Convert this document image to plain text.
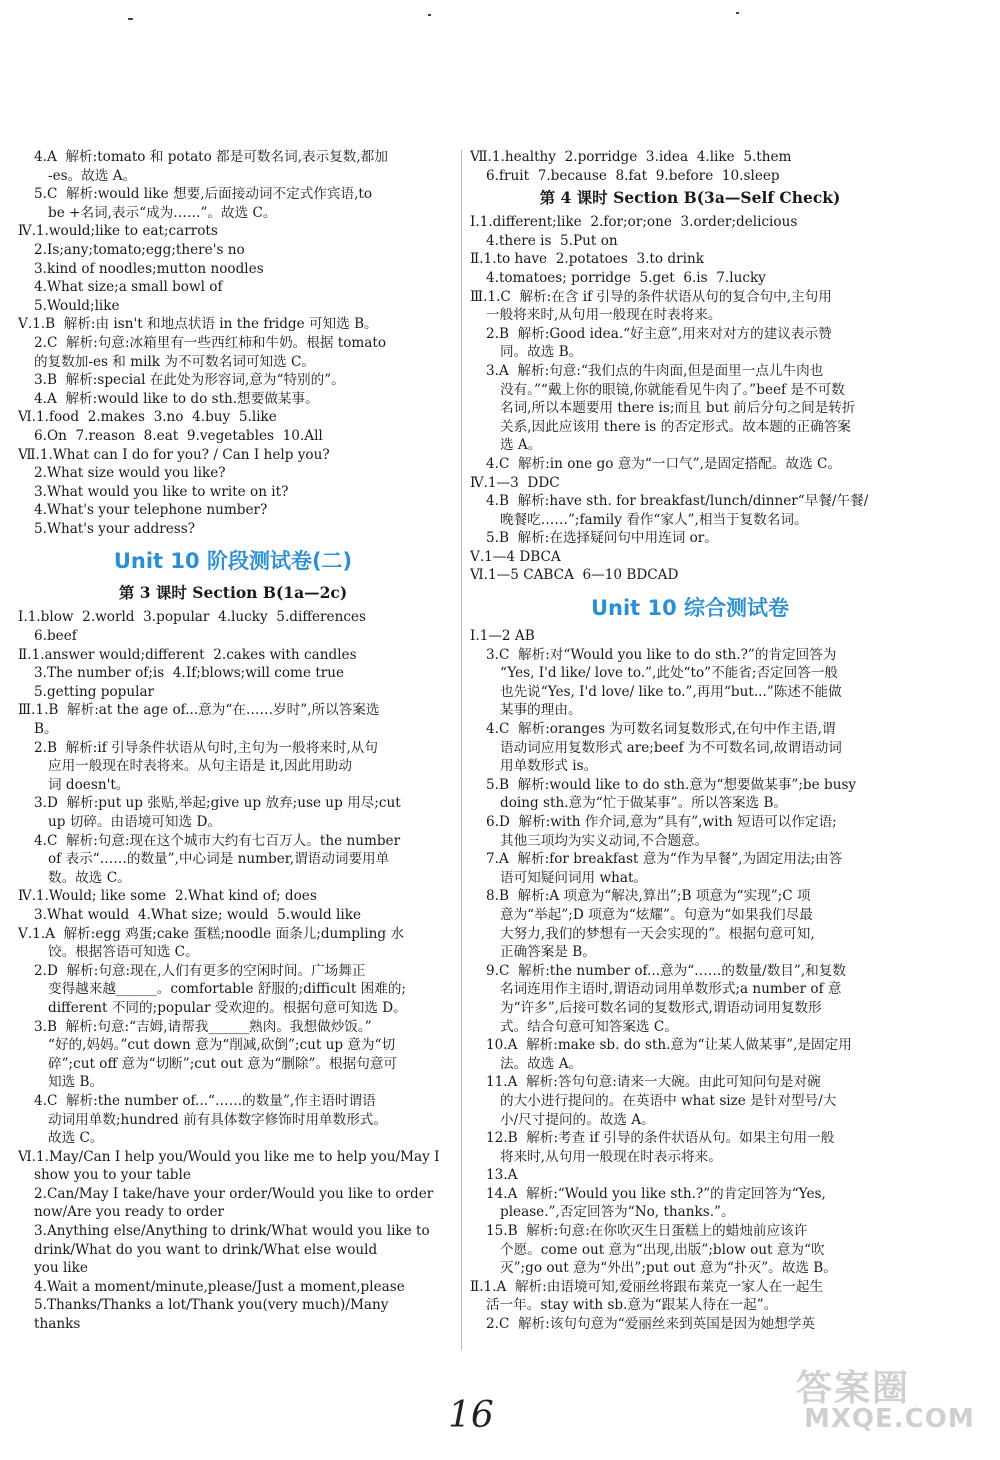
4.A  解析:tomato 和 potato 都是可数名词,表示复数,都加
-es。故选 A。
5.C  解析:would like 想要,后面接动词不定式作宾语,to
be +名词,表示“成为……”。故选 C。
Ⅳ.1.would;like to eat;carrots
2.Is;any;tomato;egg;there's no
3.kind of noodles;mutton noodles
4.What size;a small bowl of
5.Would;like
Ⅴ.1.B  解析:由 isn't 和地点状语 in the fridge 可知选 B。
2.C  解析:句意:冰箱里有一些西红柿和牛奶。根据 tomato
的复数加-es 和 milk 为不可数名词可知选 C。
3.B  解析:special 在此处为形容词,意为“特别的”。
4.A  解析:would like to do sth.想要做某事。
Ⅵ.1.food  2.makes  3.no  4.buy  5.like
6.On  7.reason  8.eat  9.vegetables  10.All
Ⅶ.1.What can I do for you? / Can I help you?
2.What size would you like?
3.What would you like to write on it?
4.What's your telephone number?
5.What's your address?
Unit 10 阶段测试卷(二)
第 3 课时 Section B(1a—2c)
Ⅰ.1.blow  2.world  3.popular  4.lucky  5.differences
6.beef
Ⅱ.1.answer would;different  2.cakes with candles
3.The number of;is  4.If;blows;will come true
5.getting popular
Ⅲ.1.B  解析:at the age of...意为“在……岁时”,所以答案选
B。
2.B  解析:if 引导条件状语从句时,主句为一般将来时,从句
应用一般现在时表将来。从句主语是 it,因此用助动
词 doesn't。
3.D  解析:put up 张贴,举起;give up 放弃;use up 用尽;cut
up 切碎。由语境可知选 D。
4.C  解析:句意:现在这个城市大约有七百万人。the number
of 表示“……的数量”,中心词是 number,谓语动词要用单
数。故选 C。
Ⅳ.1.Would; like some  2.What kind of; does
3.What would  4.What size; would  5.would like
Ⅴ.1.A  解析:egg 鸡蛋;cake 蛋糕;noodle 面条儿;dumpling 水
饺。根据答语可知选 C。
2.D  解析:句意:现在,人们有更多的空闲时间。广场舞正
变得越来越______。comfortable 舒服的;difficult 困难的;
different 不同的;popular 受欢迎的。根据句意可知选 D。
3.B  解析:句意:“吉姆,请帮我______熟肉。我想做炒饭。”
“好的,妈妈。”cut down 意为“削减,砍倒”;cut up 意为“切
碎”;cut off 意为“切断”;cut out 意为“删除”。根据句意可
知选 B。
4.C  解析:the number of...“……的数量”,作主语时谓语
动词用单数;hundred 前有具体数字修饰时用单数形式。
故选 C。
Ⅵ.1.May/Can I help you/Would you like me to help you/May I
show you to your table
2.Can/May I take/have your order/Would you like to order
now/Are you ready to order
3.Anything else/Anything to drink/What would you like to
drink/What do you want to drink/What else would
you like
4.Wait a moment/minute,please/Just a moment,please
5.Thanks/Thanks a lot/Thank you(very much)/Many
thanks
Ⅶ.1.healthy  2.porridge  3.idea  4.like  5.them
6.fruit  7.because  8.fat  9.before  10.sleep
第 4 课时 Section B(3a—Self Check)
Ⅰ.1.different;like  2.for;or;one  3.order;delicious
4.there is  5.Put on
Ⅱ.1.to have  2.potatoes  3.to drink
4.tomatoes; porridge  5.get  6.is  7.lucky
Ⅲ.1.C  解析:在含 if 引导的条件状语从句的复合句中,主句用
一般将来时,从句用一般现在时表将来。
2.B  解析:Good idea.“好主意”,用来对对方的建议表示赞
同。故选 B。
3.A  解析:句意:“我们点的牛肉面,但是面里一点儿牛肉也
没有。”“戴上你的眼镜,你就能看见牛肉了。”beef 是不可数
名词,所以本题要用 there is;而且 but 前后分句之间是转折
关系,因此应该用 there is 的否定形式。故本题的正确答案
选 A。
4.C  解析:in one go 意为“一口气”,是固定搭配。故选 C。
Ⅳ.1—3  DDC
4.B  解析:have sth. for breakfast/lunch/dinner“早餐/午餐/
晚餐吃……”;family 看作“家人”,相当于复数名词。
5.B  解析:在选择疑问句中用连词 or。
Ⅴ.1—4 DBCA
Ⅵ.1—5 CABCA  6—10 BDCAD
Unit 10 综合测试卷
Ⅰ.1—2 AB
3.C  解析:对“Would you like to do sth.?”的肯定回答为
“Yes, I'd like/ love to.”,此处“to”不能省;否定回答一般
也先说“Yes, I'd love/ like to.”,再用“but...”陈述不能做
某事的理由。
4.C  解析:oranges 为可数名词复数形式,在句中作主语,谓
语动词应用复数形式 are;beef 为不可数名词,故谓语动词
用单数形式 is。
5.B  解析:would like to do sth.意为“想要做某事”;be busy
doing sth.意为“忙于做某事”。所以答案选 B。
6.D  解析:with 作介词,意为“具有”,with 短语可以作定语;
其他三项均为实义动词,不合题意。
7.A  解析:for breakfast 意为“作为早餐”,为固定用法;由答
语可知疑问词用 what。
8.B  解析:A 项意为“解决,算出”;B 项意为“实现”;C 项
意为“举起”;D 项意为“炫耀”。句意为“如果我们尽最
大努力,我们的梦想有一天会实现的”。根据句意可知,
正确答案是 B。
9.C  解析:the number of...意为“……的数量/数目”,和复数
名词连用作主语时,谓语动词用单数形式;a number of 意
为“许多”,后接可数名词的复数形式,谓语动词用复数形
式。结合句意可知答案选 C。
10.A  解析:make sb. do sth.意为“让某人做某事”,是固定用
法。故选 A。
11.A  解析:答句句意:请来一大碗。由此可知问句是对碗
的大小进行提问的。在英语中 what size 是针对型号/大
小/尺寸提问的。故选 A。
12.B  解析:考查 if 引导的条件状语从句。如果主句用一般
将来时,从句用一般现在时表示将来。
13.A
14.A  解析:“Would you like sth.?”的肯定回答为“Yes,
please.”,否定回答为“No, thanks.”。
15.B  解析:句意:在你吹灭生日蛋糕上的蜡烛前应该许
个愿。come out 意为“出现,出版”;blow out 意为“吹
灭”;go out 意为“外出”;put out 意为“扑灭”。故选 B。
Ⅱ.1.A  解析:由语境可知,爱丽丝将跟布莱克一家人在一起生
活一年。stay with sb.意为“跟某人待在一起”。
2.C  解析:该句句意为“爱丽丝来到英国是因为她想学英
16
答案圈
MXQE.COM
